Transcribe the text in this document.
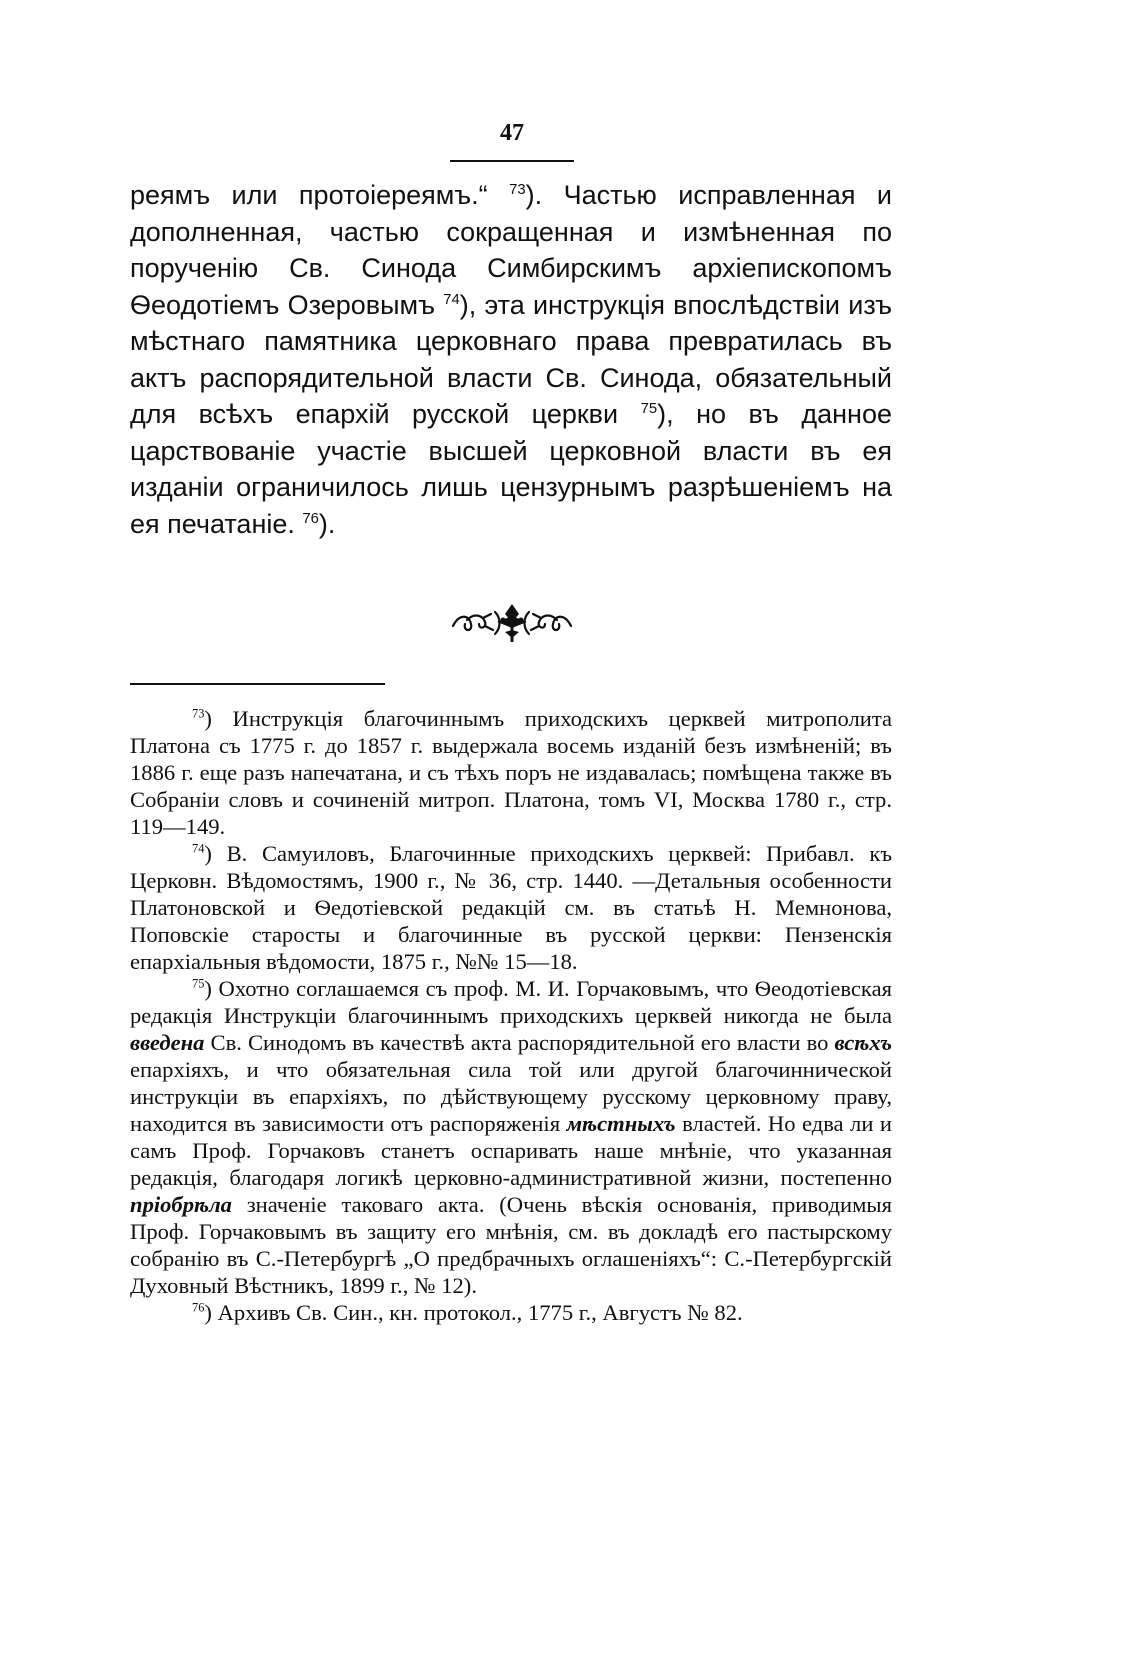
47

реямъ или протоіереямъ.“ $^{73}$). Частью исправленная и дополненная, частью сокращенная и измѣненная по порученію Св. Синода Симбирскимъ архіепископомъ Ѳеодотіемъ Озеровымъ $^{74}$), эта инструкція впослѣдствіи изъ мѣстнаго памятника церковнаго права превратилась въ актъ распорядительной власти Св. Синода, обязательный для всѣхъ епархій русской церкви $^{75}$), но въ данное царствованіе участіе высшей церковной власти въ ея изданіи ограничилось лишь цензурнымъ разрѣшеніемъ на ея печатаніе. $^{76}$).

$^{73}$) Инструкція благочиннымъ приходскихъ церквей митрополита Платона съ 1775 г. до 1857 г. выдержала восемь изданій безъ измѣненій; въ 1886 г. еще разъ напечатана, и съ тѣхъ поръ не издавалась; помѣщена также въ Собраніи словъ и сочиненій митроп. Платона, томъ VI, Москва 1780 г., стр. 119—149.

$^{74}$) В. Самуиловъ, Благочинные приходскихъ церквей: Прибавл. къ Церковн. Вѣдомостямъ, 1900 г., № 36, стр. 1440. —Детальныя особенности Платоновской и Ѳедотіевской редакцій см. въ статьѣ Н. Мемнонова, Поповскіе старосты и благочинные въ русской церкви: Пензенскія епархіальныя вѣдомости, 1875 г., №№ 15—18.

$^{75}$) Охотно соглашаемся съ проф. М. И. Горчаковымъ, что Ѳеодотіевская редакція Инструкціи благочиннымъ приходскихъ церквей никогда не была введена Св. Синодомъ въ качествѣ акта распорядительной его власти во всѣхъ епархіяхъ, и что обязательная сила той или другой благочиннической инструкціи въ епархіяхъ, по дѣйствующему русскому церковному праву, находится въ зависимости отъ распоряженія мѣстныхъ властей. Но едва ли и самъ Проф. Горчаковъ станетъ оспаривать наше мнѣніе, что указанная редакція, благодаря логикѣ церковно-административной жизни, постепенно пріобрѣла значеніе таковаго акта. (Очень вѣскія основанія, приводимыя Проф. Горчаковымъ въ защиту его мнѣнія, см. въ докладѣ его пастырскому собранію въ С.-Петербургѣ „О предбрачныхъ оглашеніяхъ“: С.-Петербургскій Духовный Вѣстникъ, 1899 г., № 12).

$^{76}$) Архивъ Св. Син., кн. протокол., 1775 г., Августъ № 82.
